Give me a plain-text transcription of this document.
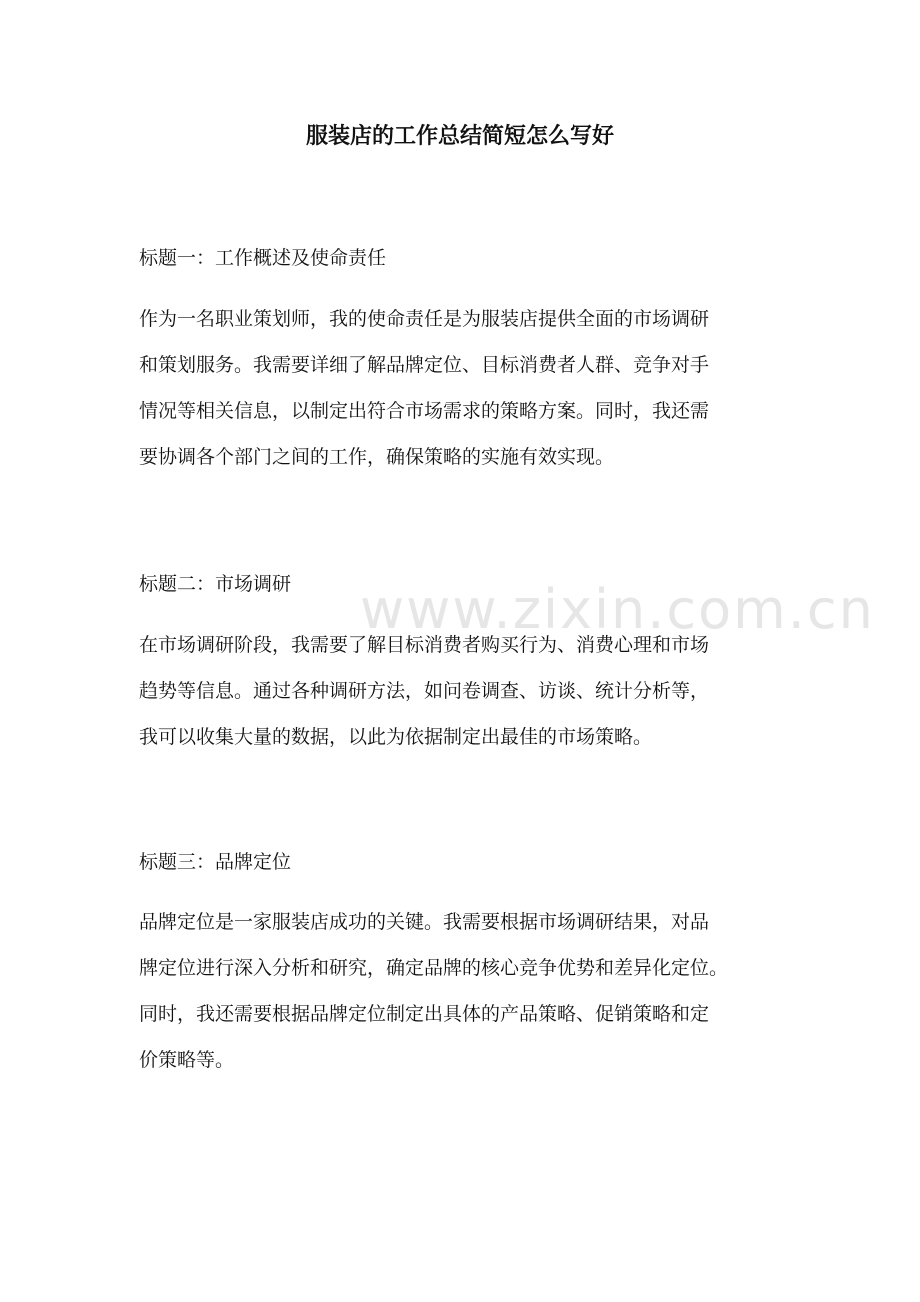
www.zixin.com.cn
服装店的工作总结简短怎么写好
标题一：工作概述及使命责任
作为一名职业策划师，我的使命责任是为服装店提供全面的市场调研
和策划服务。我需要详细了解品牌定位、目标消费者人群、竞争对手
情况等相关信息，以制定出符合市场需求的策略方案。同时，我还需
要协调各个部门之间的工作，确保策略的实施有效实现。
标题二：市场调研
在市场调研阶段，我需要了解目标消费者购买行为、消费心理和市场
趋势等信息。通过各种调研方法，如问卷调查、访谈、统计分析等，
我可以收集大量的数据，以此为依据制定出最佳的市场策略。
标题三：品牌定位
品牌定位是一家服装店成功的关键。我需要根据市场调研结果，对品
牌定位进行深入分析和研究，确定品牌的核心竞争优势和差异化定位。
同时，我还需要根据品牌定位制定出具体的产品策略、促销策略和定
价策略等。
